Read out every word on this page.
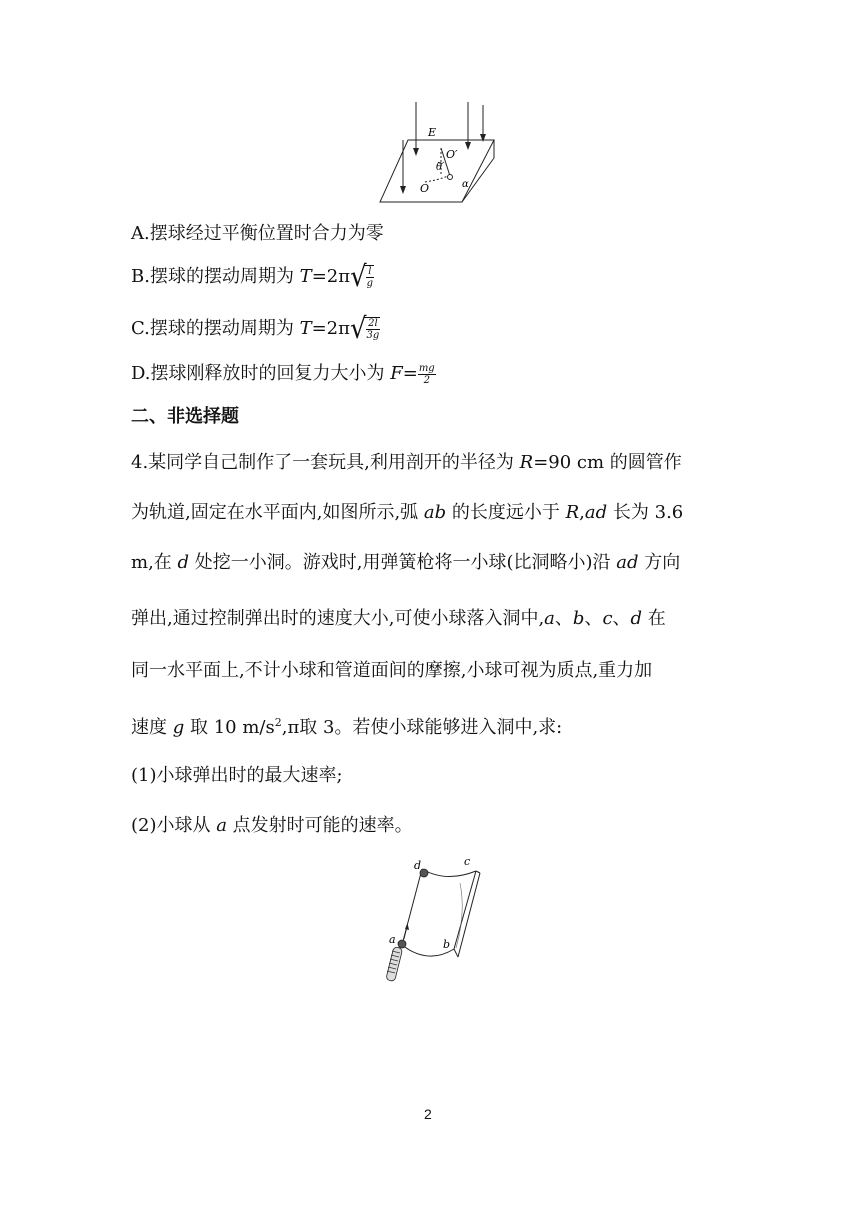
E
O′
θ
O	α
A.摆球经过平衡位置时合力为零
B.摆球的摆动周期为 $T=2\pi√ \frac{l}{g}$
C.摆球的摆动周期为 $T=2\pi√ \frac{2l}{3g}$
D.摆球刚释放时的回复力大小为 $F= \frac{mg}{2}$
二、非选择题
4.某同学自己制作了一套玩具,利用剖开的半径为 R=90 cm 的圆管作
为轨道,固定在水平面内,如图所示,弧 ab 的长度远小于 R,ad 长为 3.6
m,在 d 处挖一小洞。游戏时,用弹簧枪将一小球(比洞略小)沿 ad 方向
弹出,通过控制弹出时的速度大小,可使小球落入洞中,a、b、c、d 在
同一水平面上,不计小球和管道面间的摩擦,小球可视为质点,重力加
速度 g 取 10 $m/s^2,\pi$取 3。若使小球能够进入洞中,求:
(1)小球弹出时的最大速率;
(2)小球从 a 点发射时可能的速率。
d	c
a	b
2
